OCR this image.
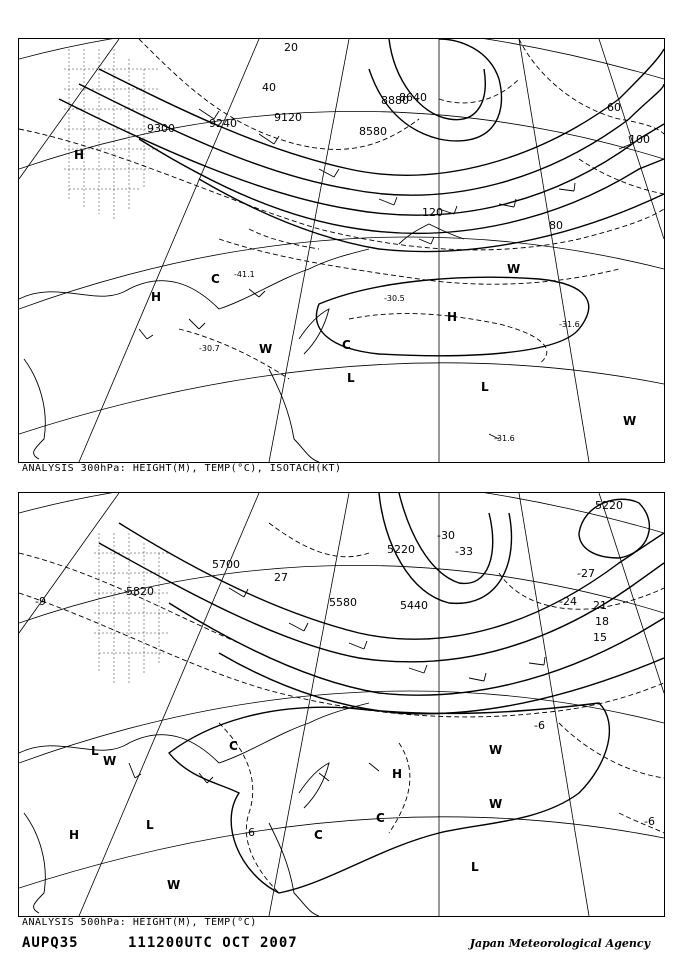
9300	9240	9120
8880
8640
8580
20
40
60
80
100
120
-31.6
-30.5
-31.6
-41.1
-30.7
H
H
H
L
L
C
C
W
W
W
ANALYSIS 300hPa: HEIGHT(M), TEMP(°C), ISOTACH(KT)
5820
5700
5580	5440
5220
5220
-9
-6
-6
-6
27
-24 21
18
15
-30
-33
-27
H
H
L
L
L
C
C
C
W
W
W
W
ANALYSIS 500hPa: HEIGHT(M), TEMP(°C)
AUPQ35	111200UTC OCT 2007	Japan Meteorological Agency
